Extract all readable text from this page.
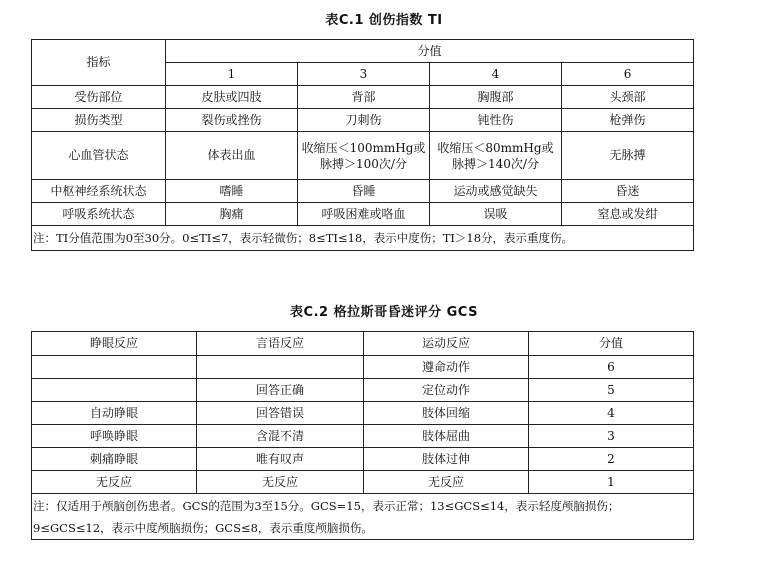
表C.1 创伤指数 TI
指标	分值			
	1	3	4	6
受伤部位	皮肤或四肢	背部	胸腹部	头颈部
损伤类型	裂伤或挫伤	刀刺伤	钝性伤	枪弹伤
心血管状态	体表出血	收缩压＜100mmHg或脉搏＞100次/分	收缩压＜80mmHg或脉搏＞140次/分	无脉搏
中枢神经系统状态	嗜睡	昏睡	运动或感觉缺失	昏迷
呼吸系统状态	胸痛	呼吸困难或咯血	误吸	窒息或发绀
注：TI分值范围为0至30分。0≤TI≤7，表示轻微伤；8≤TI≤18，表示中度伤；TI＞18分，表示重度伤。				
表C.2 格拉斯哥昏迷评分 GCS
睁眼反应	言语反应	运动反应	分值
		遵命动作	6
	回答正确	定位动作	5
自动睁眼	回答错误	肢体回缩	4
呼唤睁眼	含混不清	肢体屈曲	3
刺痛睁眼	唯有叹声	肢体过伸	2
无反应	无反应	无反应	1
注：仅适用于颅脑创伤患者。GCS的范围为3至15分。GCS=15，表示正常；13≤GCS≤14，表示轻度颅脑损伤；9≤GCS≤12，表示中度颅脑损伤；GCS≤8，表示重度颅脑损伤。			
